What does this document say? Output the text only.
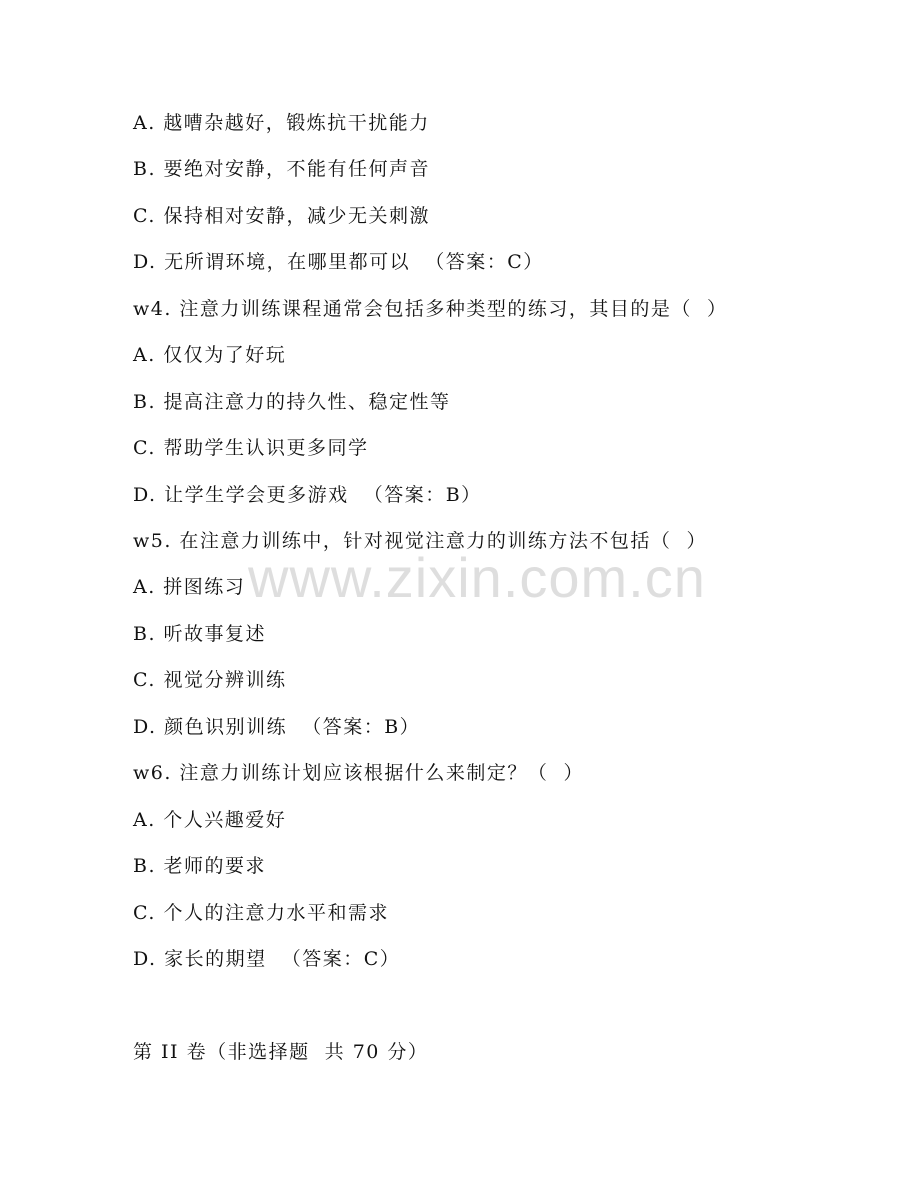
www.zixin.com.cn
A. 越嘈杂越好，锻炼抗干扰能力
B. 要绝对安静，不能有任何声音
C. 保持相对安静，减少无关刺激
D. 无所谓环境，在哪里都可以  （答案：C）
w4. 注意力训练课程通常会包括多种类型的练习，其目的是（  ）
A. 仅仅为了好玩
B. 提高注意力的持久性、稳定性等
C. 帮助学生认识更多同学
D. 让学生学会更多游戏  （答案：B）
w5. 在注意力训练中，针对视觉注意力的训练方法不包括（  ）
A. 拼图练习
B. 听故事复述
C. 视觉分辨训练
D. 颜色识别训练  （答案：B）
w6. 注意力训练计划应该根据什么来制定？（  ）
A. 个人兴趣爱好
B. 老师的要求
C. 个人的注意力水平和需求
D. 家长的期望  （答案：C）
第 II 卷（非选择题  共 70 分）
